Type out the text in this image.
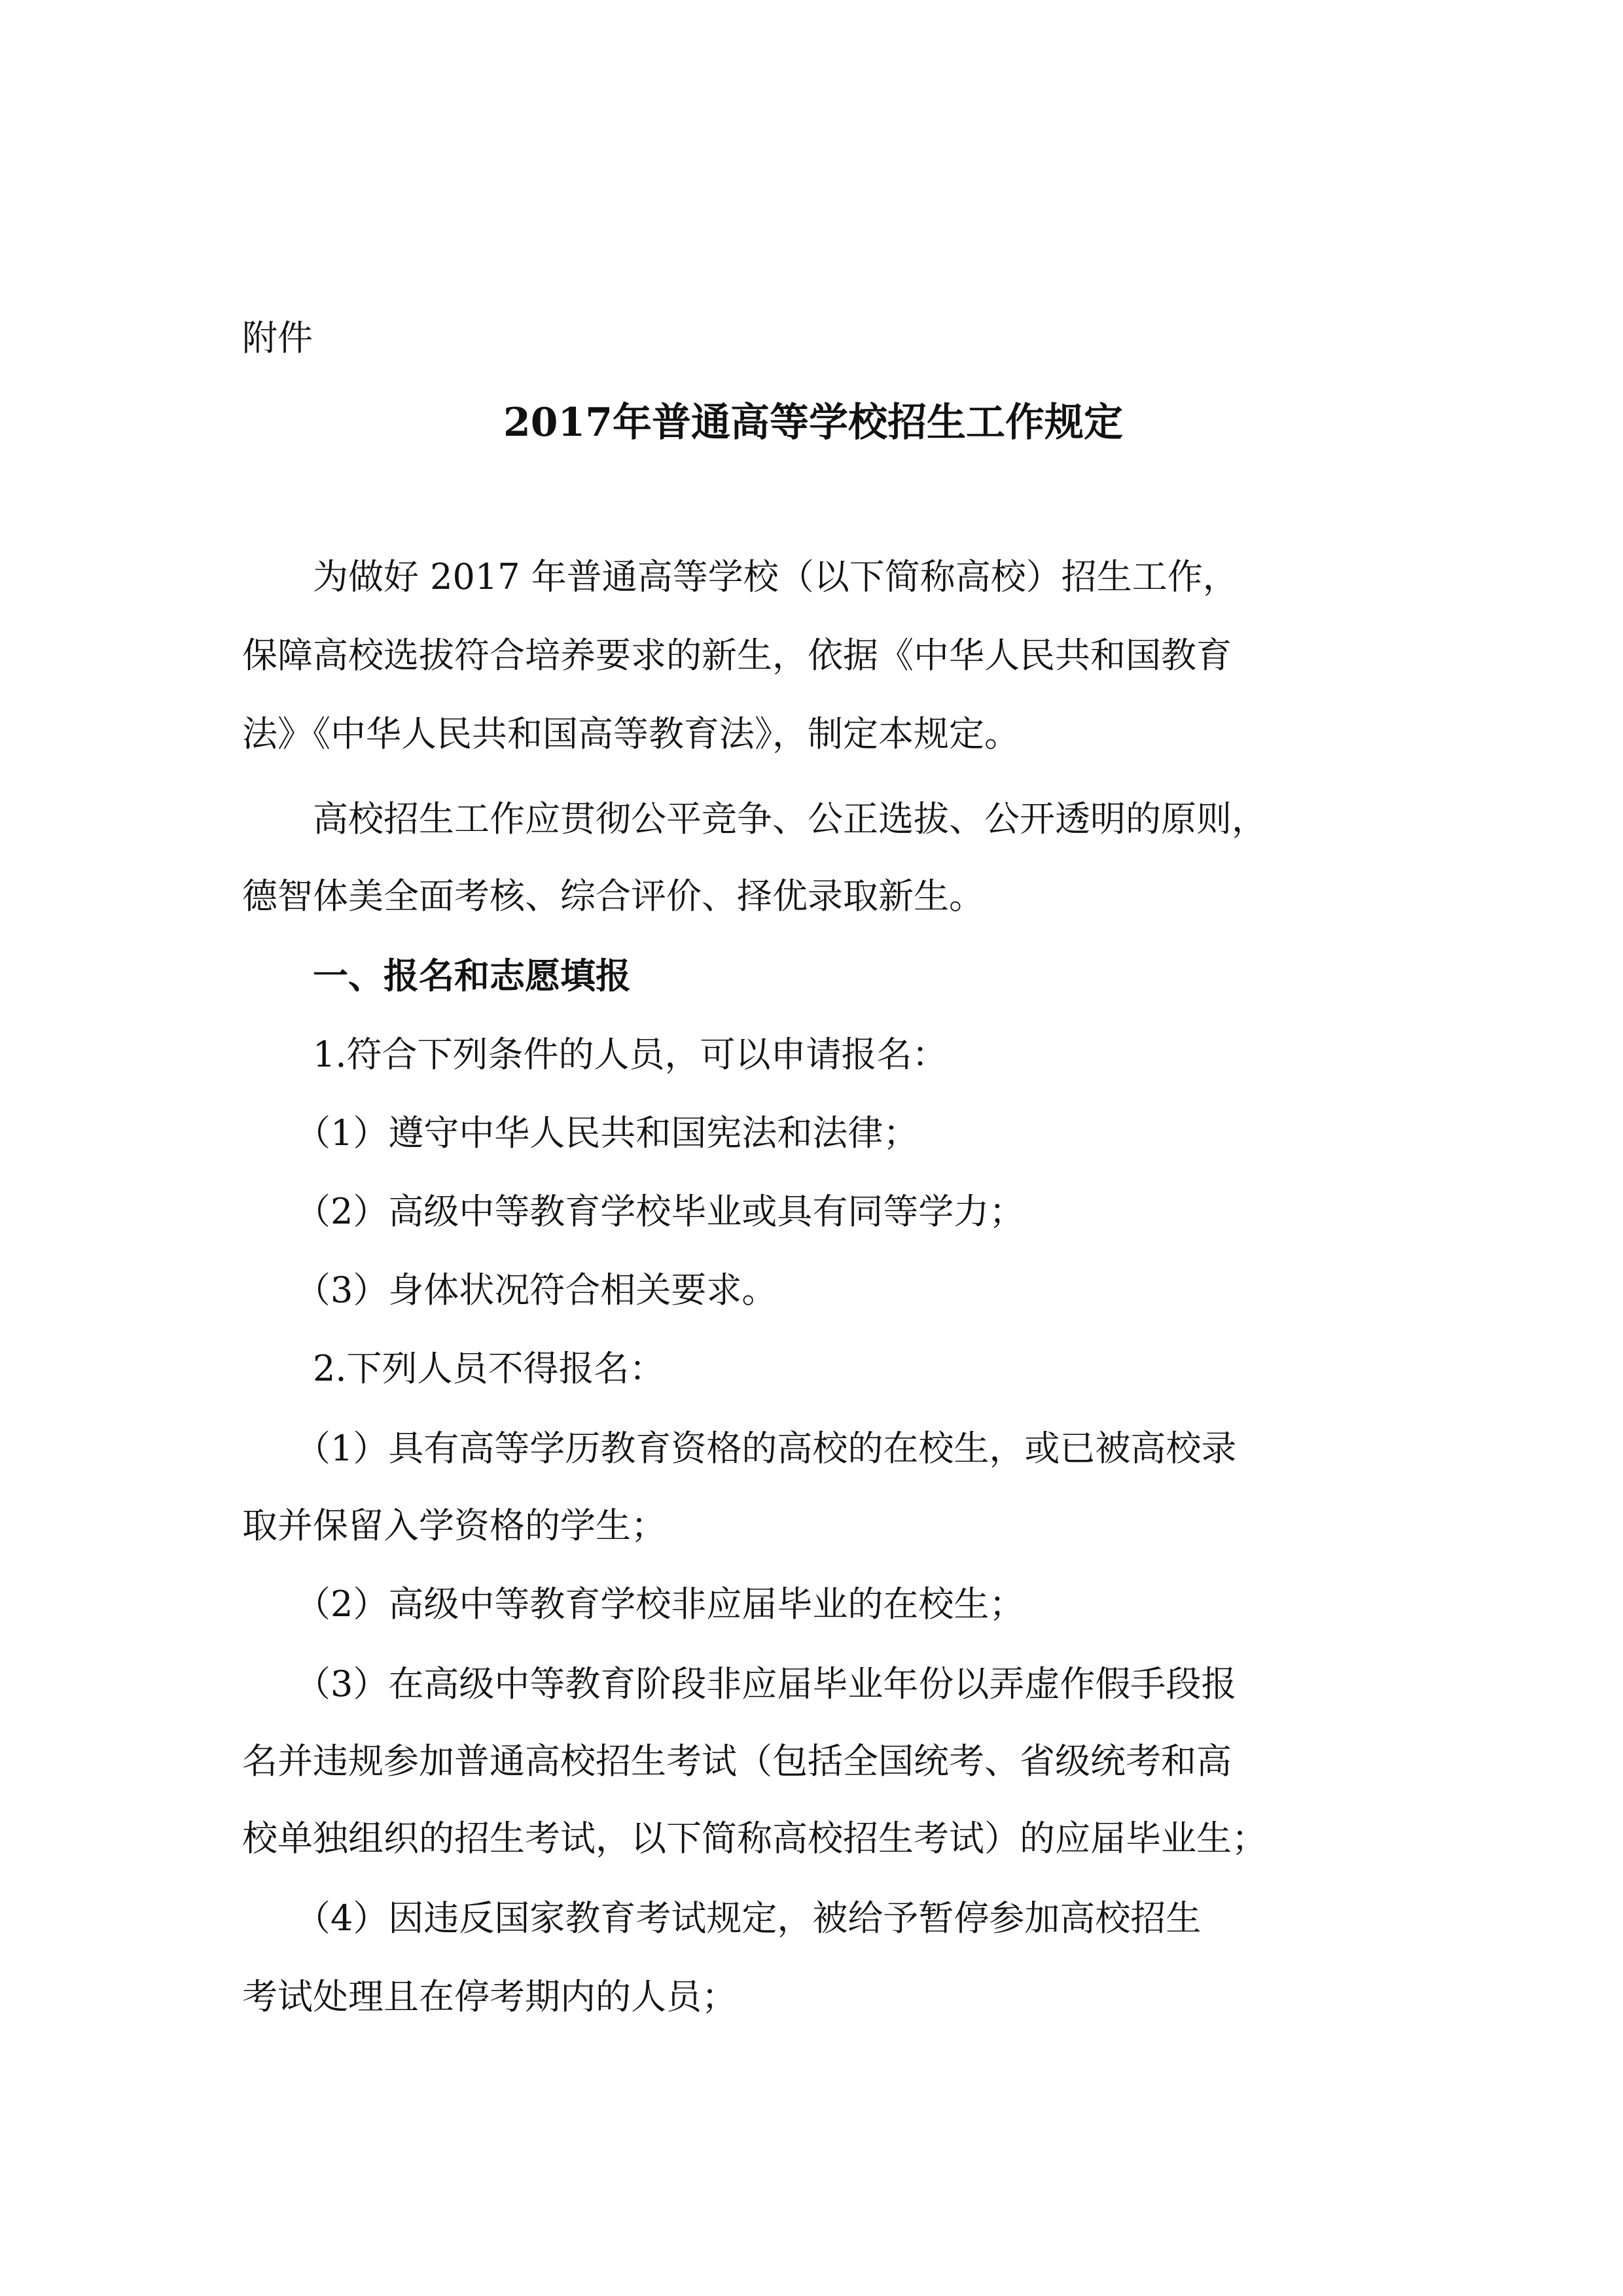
附件

2017年普通高等学校招生工作规定

　　为做好 2017 年普通高等学校（以下简称高校）招生工作，

保障高校选拔符合培养要求的新生，依据《中华人民共和国教育

法》《中华人民共和国高等教育法》，制定本规定。

　　高校招生工作应贯彻公平竞争、公正选拔、公开透明的原则，

德智体美全面考核、综合评价、择优录取新生。

　　一、报名和志愿填报

　　1.符合下列条件的人员，可以申请报名：

　　（1）遵守中华人民共和国宪法和法律；

　　（2）高级中等教育学校毕业或具有同等学力；

　　（3）身体状况符合相关要求。

　　2.下列人员不得报名：

　　（1）具有高等学历教育资格的高校的在校生，或已被高校录

取并保留入学资格的学生；

　　（2）高级中等教育学校非应届毕业的在校生；

　　（3）在高级中等教育阶段非应届毕业年份以弄虚作假手段报

名并违规参加普通高校招生考试（包括全国统考、省级统考和高

校单独组织的招生考试，以下简称高校招生考试）的应届毕业生；

　　（4）因违反国家教育考试规定，被给予暂停参加高校招生

考试处理且在停考期内的人员；
